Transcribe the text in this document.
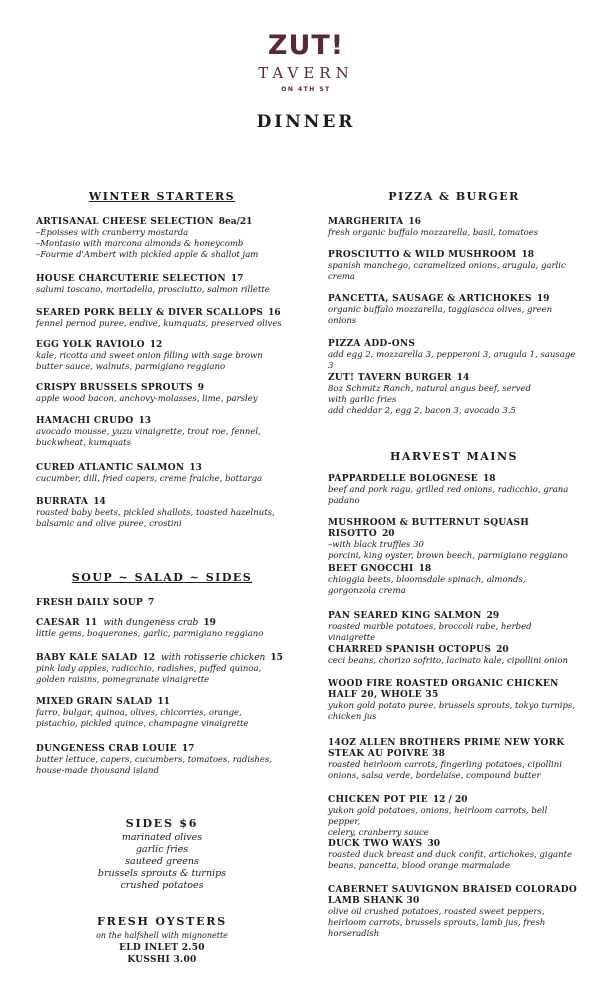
ZUT!
TAVERN
ON 4TH ST
DINNER
WINTER STARTERS
ARTISANAL CHEESE SELECTION 8ea/21
–Époisses with cranberry mostarda
–Montasio with marcona almonds & honeycomb
–Fourme d'Ambert with pickled apple & shallot jam
HOUSE CHARCUTERIE SELECTION 17
salumi toscano, mortadella, prosciutto, salmon rillette
SEARED PORK BELLY & DIVER SCALLOPS 16
fennel pernod puree, endive, kumquats, preserved olives
EGG YOLK RAVIOLO 12
kale, ricotta and sweet onion filling with sage brown
butter sauce, walnuts, parmigiano reggiano
CRISPY BRUSSELS SPROUTS 9
apple wood bacon, anchovy-molasses, lime, parsley
HAMACHI CRUDO 13
avocado mousse, yuzu vinaigrette, trout roe, fennel,
buckwheat, kumquats
CURED ATLANTIC SALMON 13
cucumber, dill, fried capers, creme fraiche, bottarga
BURRATA 14
roasted baby beets, pickled shallots, toasted hazelnuts,
balsamic and olive puree, crostini
SOUP ~ SALAD ~ SIDES
FRESH DAILY SOUP 7
CAESAR 11 with dungeness crab 19
little gems, boquerones, garlic, parmigiano reggiano
BABY KALE SALAD 12 with rotisserie chicken 15
pink lady apples, radicchio, radishes, puffed quinoa,
golden raisins, pomegranate vinaigrette
MIXED GRAIN SALAD 11
farro, bulgar, quinoa, olives, chicorries, orange,
pistachio, pickled quince, champagne vinaigrette
DUNGENESS CRAB LOUIE 17
butter lettuce, capers, cucumbers, tomatoes, radishes,
house-made thousand island
SIDES $6
marinated olives
garlic fries
sauteed greens
brussels sprouts & turnips
crushed potatoes
FRESH OYSTERS
on the halfshell with mignonette
ELD INLET 2.50
KUSSHI 3.00
PIZZA & BURGER
MARGHERITA 16
fresh organic buffalo mozzarella, basil, tomatoes
PROSCIUTTO & WILD MUSHROOM 18
spanish manchego, caramelized onions, arugula, garlic
crema
PANCETTA, SAUSAGE & ARTICHOKES 19
organic buffalo mozzarella, taggiascca olives, green
onions
PIZZA ADD-ONS
add egg 2, mozzarella 3, pepperoni 3, arugula 1, sausage 3
ZUT! TAVERN BURGER 14
8oz Schmitz Ranch, natural angus beef, served
with garlic fries
add cheddar 2, egg 2, bacon 3, avocado 3.5
HARVEST MAINS
PAPPARDELLE BOLOGNESE 18
beef and pork ragu, grilled red onions, radicchio, grana
padano
MUSHROOM & BUTTERNUT SQUASH RISOTTO 20
–with black truffles 30
porcini, king oyster, brown beech, parmigiano reggiano
BEET GNOCCHI 18
chioggia beets, bloomsdale spinach, almonds,
gorgonzola crema
PAN SEARED KING SALMON 29
roasted marble potatoes, broccoli rabe, herbed vinaigrette
CHARRED SPANISH OCTOPUS 20
ceci beans, chorizo sofrito, lacinato kale, cipollini onion
WOOD FIRE ROASTED ORGANIC CHICKEN
HALF 20, WHOLE 35
yukon gold potato puree, brussels sprouts, tokyo turnips,
chicken jus
14OZ ALLEN BROTHERS PRIME NEW YORK
STEAK AU POIVRE 38
roasted heirloom carrots, fingerling potatoes, cipollini
onions, salsa verde, bordelaise, compound butter
CHICKEN POT PIE 12 / 20
yukon gold potatoes, onions, heirloom carrots, bell pepper,
celery, cranberry sauce
DUCK TWO WAYS 30
roasted duck breast and duck confit, artichokes, gigante
beans, pancetta, blood orange marmalade
CABERNET SAUVIGNON BRAISED COLORADO
LAMB SHANK 30
olive oil crushed potatoes, roasted sweet peppers,
heirloom carrots, brussels sprouts, lamb jus, fresh
horseradish
